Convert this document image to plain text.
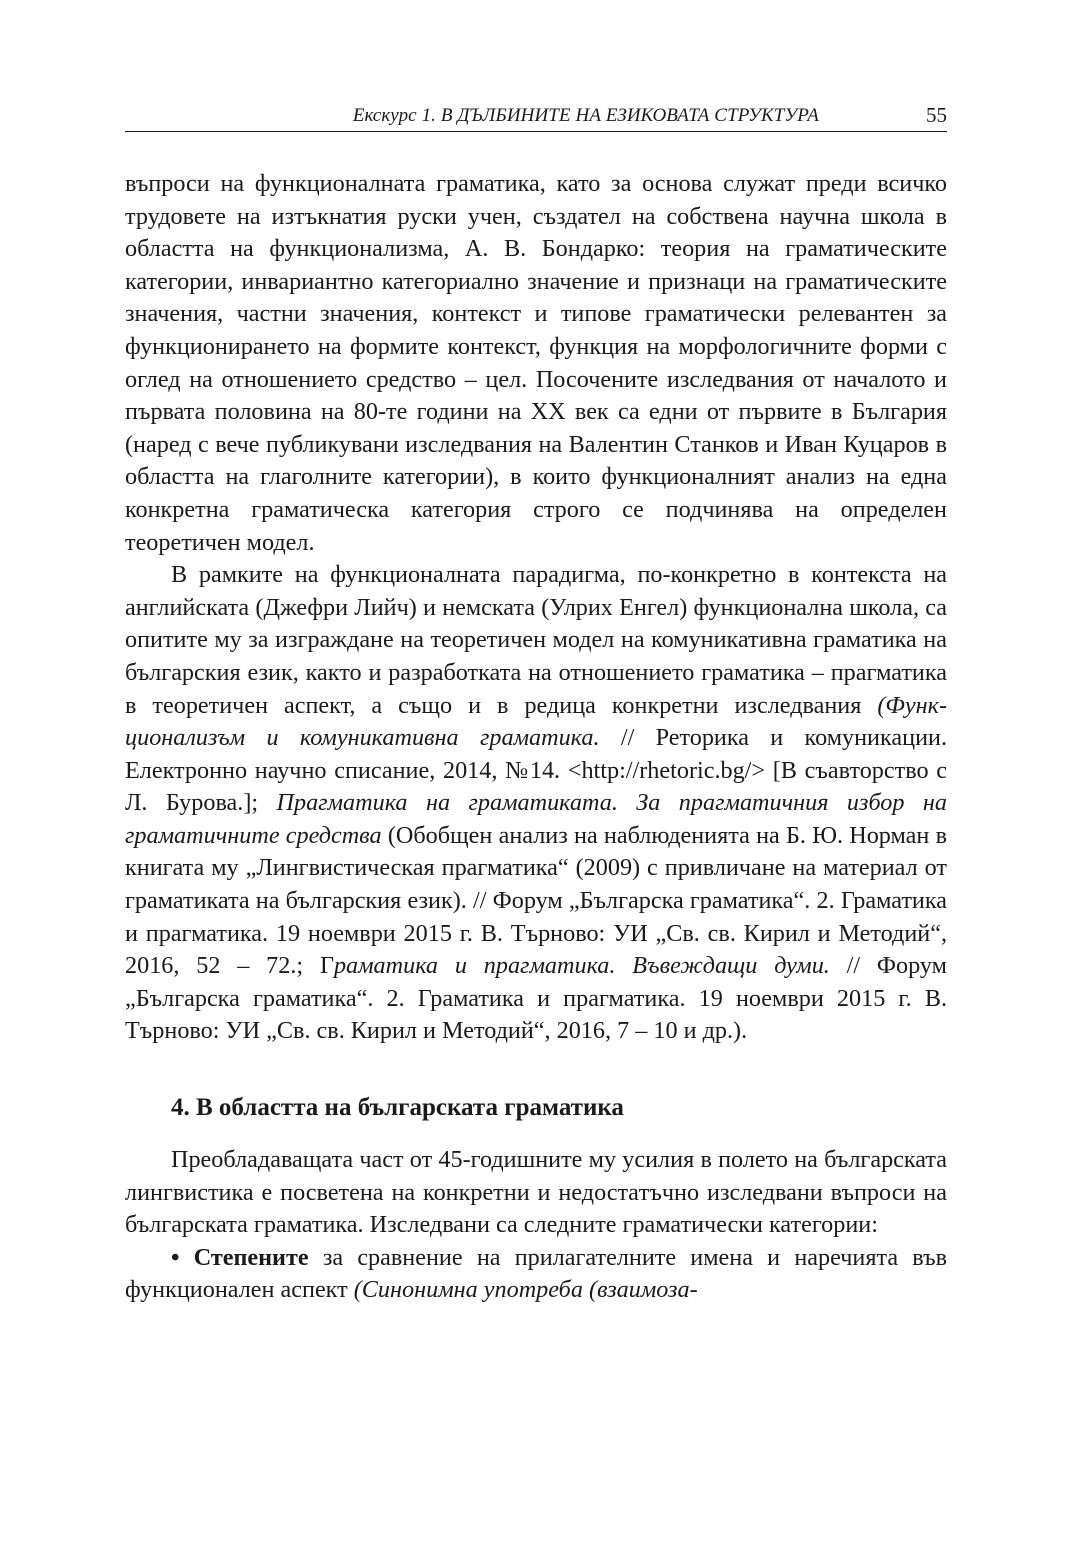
Екскурс 1. В ДЪЛБИНИТЕ НА ЕЗИКОВАТА СТРУКТУРА	55

въпроси на функционалната граматика, като за основа служат преди всичко трудовете на изтъкнатия руски учен, създател на собствена научна школа в областта на функционализма, А. В. Бондарко: теория на граматическите категории, инвариантно категориално значение и признаци на граматическите значения, частни значения, контекст и типове граматически релевантен за функционирането на формите контекст, функция на морфологичните форми с оглед на отношението средство – цел. Посочените изследвания от началото и първата половина на 80-те години на XX век са едни от първите в България (наред с вече публикувани изследвания на Валентин Станков и Иван Куцаров в областта на глаголните категории), в които функционалният анализ на една конкретна граматическа категория строго се подчинява на определен теоретичен модел.

В рамките на функционалната парадигма, по-конкретно в контекста на английската (Джефри Лийч) и немската (Улрих Енгел) функционална школа, са опитите му за изграждане на теоретичен модел на комуникативна граматика на българския език, както и разработката на отношението граматика – прагматика в теоретичен аспект, а също и в редица конкретни изследвания (Функционализъм и комуникативна граматика. // Реторика и комуникации. Електронно научно списание, 2014, №14. <http://rhetoric.bg/> [В съавторство с Л. Бурова.]; Прагматика на граматиката. За прагматичния избор на граматичните средства (Обобщен анализ на наблюденията на Б. Ю. Норман в книгата му „Лингвистическая прагматика“ (2009) с привличане на материал от граматиката на българския език). // Форум „Българска граматика“. 2. Граматика и прагматика. 19 ноември 2015 г. В. Търново: УИ „Св. св. Кирил и Методий“, 2016, 52 – 72.; Граматика и прагматика. Въвеждащи думи. // Форум „Българска граматика“. 2. Граматика и прагматика. 19 ноември 2015 г. В. Търново: УИ „Св. св. Кирил и Методий“, 2016, 7 – 10 и др.).

4. В областта на българската граматика

Преобладаващата част от 45-годишните му усилия в полето на българската лингвистика е посветена на конкретни и недостaтъчно изследвани въпроси на българската граматика. Изследвани са следните граматически категории:

• Степените за сравнение на прилагателните имена и наречията във функционален аспект (Синонимна употреба (взаимоза-
